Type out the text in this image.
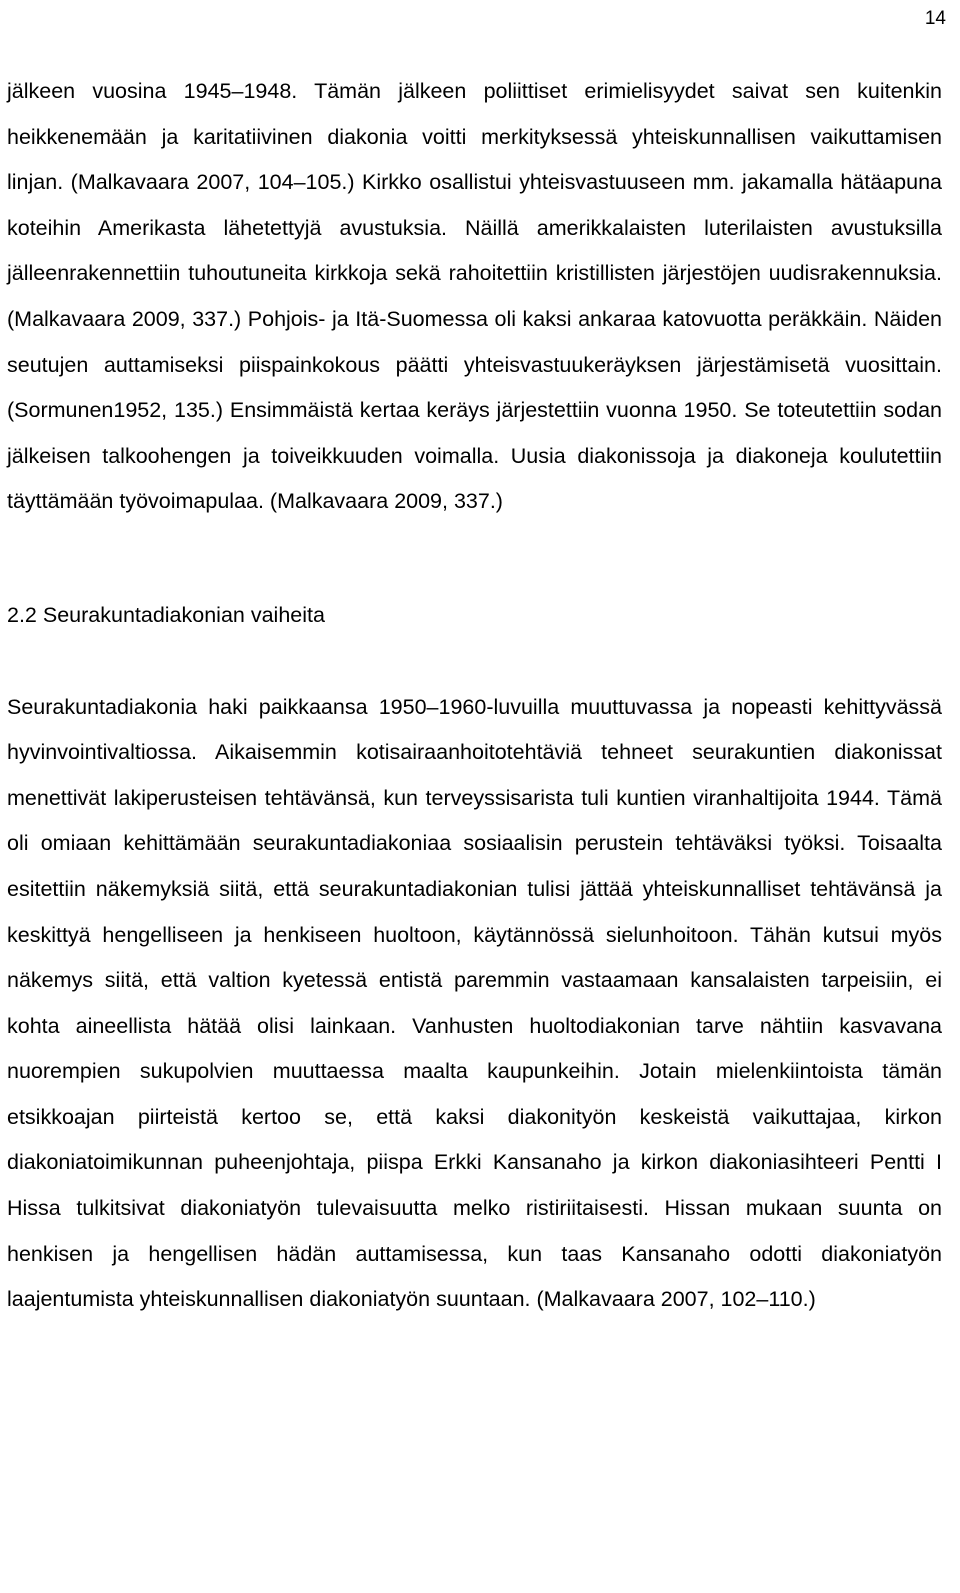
14

jälkeen vuosina 1945–1948. Tämän jälkeen poliittiset erimielisyydet saivat sen kuitenkin heikkenemään ja karitatiivinen diakonia voitti merkityksessä yhteiskunnallisen vaikuttamisen linjan. (Malkavaara 2007, 104–105.) Kirkko osallistui yhteisvastuuseen mm. jakamalla hätäapuna koteihin Amerikasta lähetettyjä avustuksia. Näillä amerikkalaisten luterilaisten avustuksilla jälleenrakennettiin tuhoutuneita kirkkoja sekä rahoitettiin kristillisten järjestöjen uudisrakennuksia. (Malkavaara 2009, 337.) Pohjois- ja Itä-Suomessa oli kaksi ankaraa katovuotta peräkkäin. Näiden seutujen auttamiseksi piispainkokous päätti yhteisvastuukeräyksen järjestämisetä vuosittain. (Sormunen1952, 135.) Ensimmäistä kertaa keräys järjestettiin vuonna 1950. Se toteutettiin sodan jälkeisen talkoohengen ja toiveikkuuden voimalla. Uusia diakonissoja ja diakoneja koulutettiin täyttämään työvoimapulaa. (Malkavaara 2009, 337.)

2.2 Seurakuntadiakonian vaiheita

Seurakuntadiakonia haki paikkaansa 1950–1960-luvuilla muuttuvassa ja nopeasti kehittyvässä hyvinvointivaltiossa. Aikaisemmin kotisairaanhoitotehtäviä tehneet seurakuntien diakonissat menettivät lakiperusteisen tehtävänsä, kun terveyssisarista tuli kuntien viranhaltijoita 1944. Tämä oli omiaan kehittämään seurakuntadiakoniaa sosiaalisin perustein tehtäväksi työksi. Toisaalta esitettiin näkemyksiä siitä, että seurakuntadiakonian tulisi jättää yhteiskunnalliset tehtävänsä ja keskittyä hengelliseen ja henkiseen huoltoon, käytännössä sielunhoitoon. Tähän kutsui myös näkemys siitä, että valtion kyetessä entistä paremmin vastaamaan kansalaisten tarpeisiin, ei kohta aineellista hätää olisi lainkaan. Vanhusten huoltodiakonian tarve nähtiin kasvavana nuorempien sukupolvien muuttaessa maalta kaupunkeihin. Jotain mielenkiintoista tämän etsikkoajan piirteistä kertoo se, että kaksi diakonityön keskeistä vaikuttajaa, kirkon diakoniatoimikunnan puheenjohtaja, piispa Erkki Kansanaho ja kirkon diakoniasihteeri Pentti I Hissa tulkitsivat diakoniatyön tulevaisuutta melko ristiriitaisesti. Hissan mukaan suunta on henkisen ja hengellisen hädän auttamisessa, kun taas Kansanaho odotti diakoniatyön laajentumista yhteiskunnallisen diakoniatyön suuntaan. (Malkavaara 2007, 102–110.)
